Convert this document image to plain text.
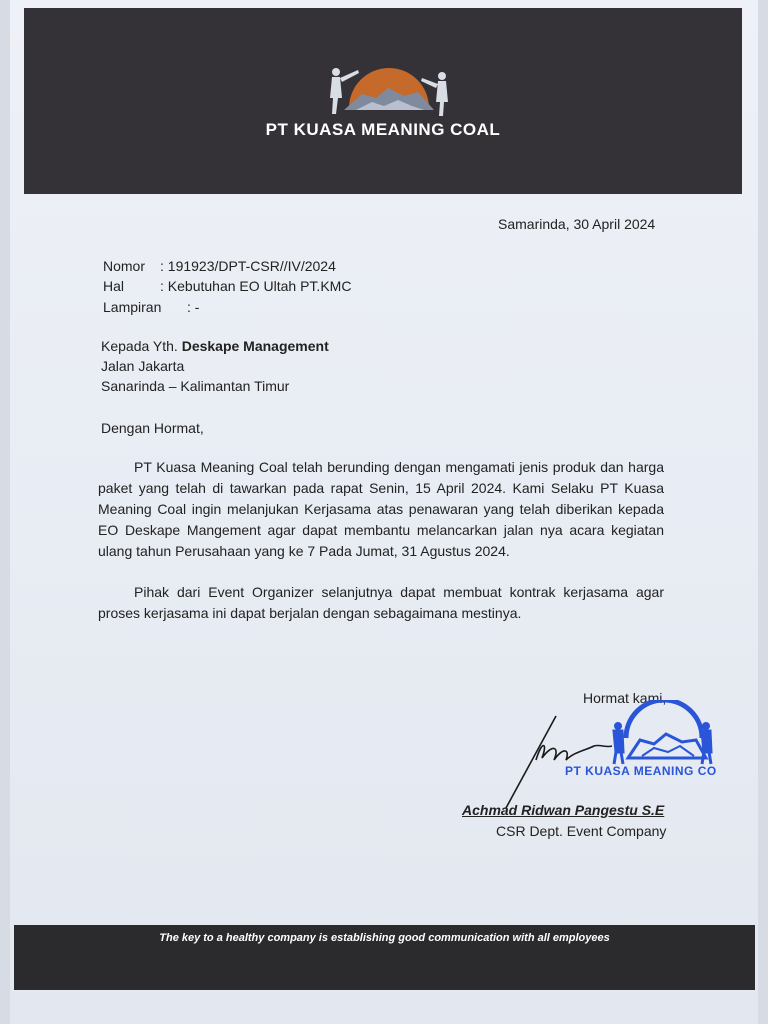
PT KUASA MEANING COAL
Samarinda, 30 April 2024
Nomor : 191923/DPT-CSR//IV/2024
Hal	: Kebutuhan EO Ultah PT.KMC
Lampiran : -
Kepada Yth. Deskape Management
Jalan Jakarta
Sanarinda – Kalimantan Timur
Dengan Hormat,
PT Kuasa Meaning Coal telah berunding dengan mengamati jenis produk dan harga paket yang telah di tawarkan pada rapat Senin, 15 April 2024. Kami Selaku PT Kuasa Meaning Coal ingin melanjukan Kerjasama atas penawaran yang telah diberikan kepada EO Deskape Mangement agar dapat membantu melancarkan jalan nya acara kegiatan ulang tahun Perusahaan yang ke 7 Pada Jumat, 31 Agustus 2024.
Pihak dari Event Organizer selanjutnya dapat membuat kontrak kerjasama agar proses kerjasama ini dapat berjalan dengan sebagaimana mestinya.
Hormat kami,
PT KUASA MEANING CO
Achmad Ridwan Pangestu S.E
CSR Dept. Event Company
The key to a healthy company is establishing good communication with all employees
